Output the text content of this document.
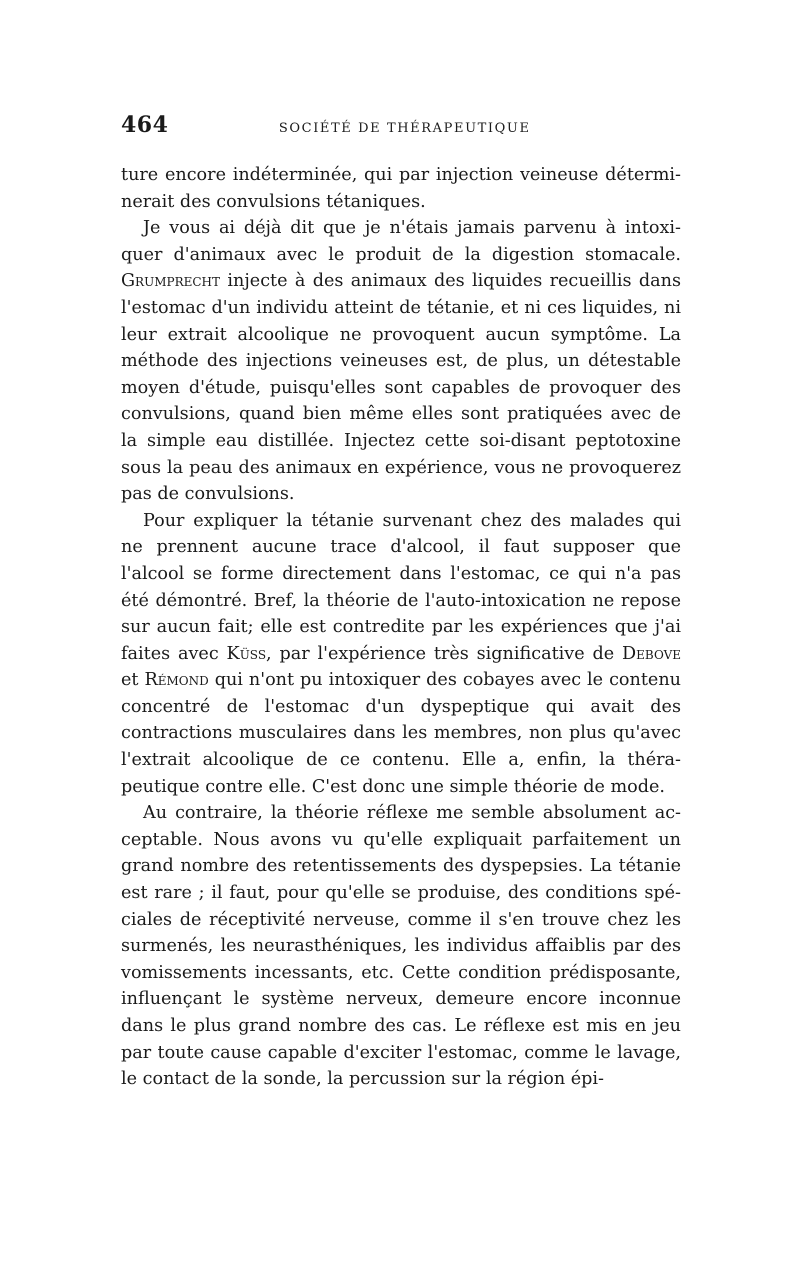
464	SOCIÉTÉ DE THÉRAPEUTIQUE

ture encore indéterminée, qui par injection veineuse détermi-nerait des convulsions tétaniques.

Je vous ai déjà dit que je n'étais jamais parvenu à intoxi-quer d'animaux avec le produit de la digestion stomacale. Grumprecht injecte à des animaux des liquides recueillis dans l'estomac d'un individu atteint de tétanie, et ni ces liquides, ni leur extrait alcoolique ne provoquent aucun symptôme. La méthode des injections veineuses est, de plus, un détestable moyen d'étude, puisqu'elles sont capables de provoquer des convulsions, quand bien même elles sont pratiquées avec de la simple eau distillée. Injectez cette soi-disant peptotoxine sous la peau des animaux en expérience, vous ne provoquerez pas de convulsions.

Pour expliquer la tétanie survenant chez des malades qui ne prennent aucune trace d'alcool, il faut supposer que l'alcool se forme directement dans l'estomac, ce qui n'a pas été démontré. Bref, la théorie de l'auto-intoxication ne repose sur aucun fait; elle est contredite par les expériences que j'ai faites avec Küss, par l'expérience très significative de Debove et Rémond qui n'ont pu intoxiquer des cobayes avec le contenu concentré de l'estomac d'un dyspeptique qui avait des contractions musculaires dans les membres, non plus qu'avec l'extrait alcoolique de ce contenu. Elle a, enfin, la théra-peutique contre elle. C'est donc une simple théorie de mode.

Au contraire, la théorie réflexe me semble absolument ac-ceptable. Nous avons vu qu'elle expliquait parfaitement un grand nombre des retentissements des dyspepsies. La tétanie est rare ; il faut, pour qu'elle se produise, des conditions spé-ciales de réceptivité nerveuse, comme il s'en trouve chez les surmenés, les neurasthéniques, les individus affaiblis par des vomissements incessants, etc. Cette condition prédisposante, influençant le système nerveux, demeure encore inconnue dans le plus grand nombre des cas. Le réflexe est mis en jeu par toute cause capable d'exciter l'estomac, comme le lavage, le contact de la sonde, la percussion sur la région épi-
